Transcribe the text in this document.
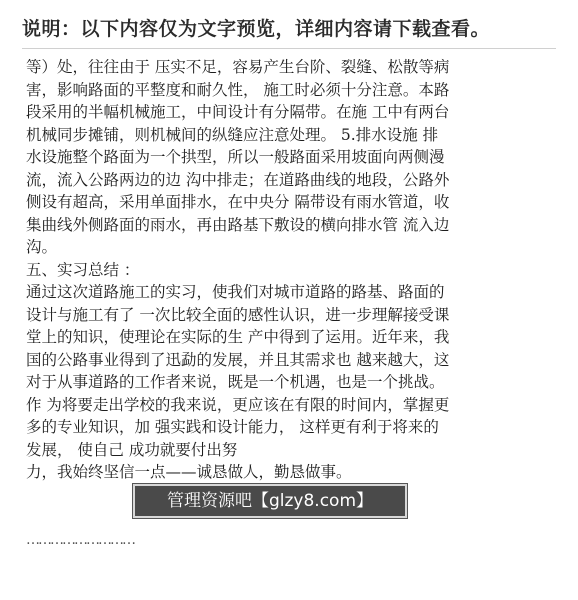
说明：以下内容仅为文字预览，详细内容请下载查看。
等）处，往往由于 压实不足，容易产生台阶、裂缝、松散等病
害，影响路面的平整度和耐久性， 施工时必须十分注意。本路
段采用的半幅机械施工，中间设计有分隔带。在施 工中有两台
机械同步摊铺，则机械间的纵缝应注意处理。 5.排水设施 排
水设施整个路面为一个拱型，所以一般路面采用坡面向两侧漫
流，流入公路两边的边 沟中排走；在道路曲线的地段，公路外
侧设有超高，采用单面排水，在中央分 隔带设有雨水管道，收
集曲线外侧路面的雨水，再由路基下敷设的横向排水管 流入边
沟。
五、实习总结 ：
通过这次道路施工的实习，使我们对城市道路的路基、路面的
设计与施工有了 一次比较全面的感性认识，进一步理解接受课
堂上的知识，使理论在实际的生 产中得到了运用。近年来，我
国的公路事业得到了迅勐的发展，并且其需求也 越来越大，这
对于从事道路的工作者来说，既是一个机遇，也是一个挑战。
作 为将要走出学校的我来说，更应该在有限的时间内，掌握更
多的专业知识，加 强实践和设计能力， 这样更有利于将来的
发展， 使自己 成功就要付出努
力，我始终坚信一点——诚恳做人，勤恳做事。
………………………
管理资源吧【glzy8.com】
